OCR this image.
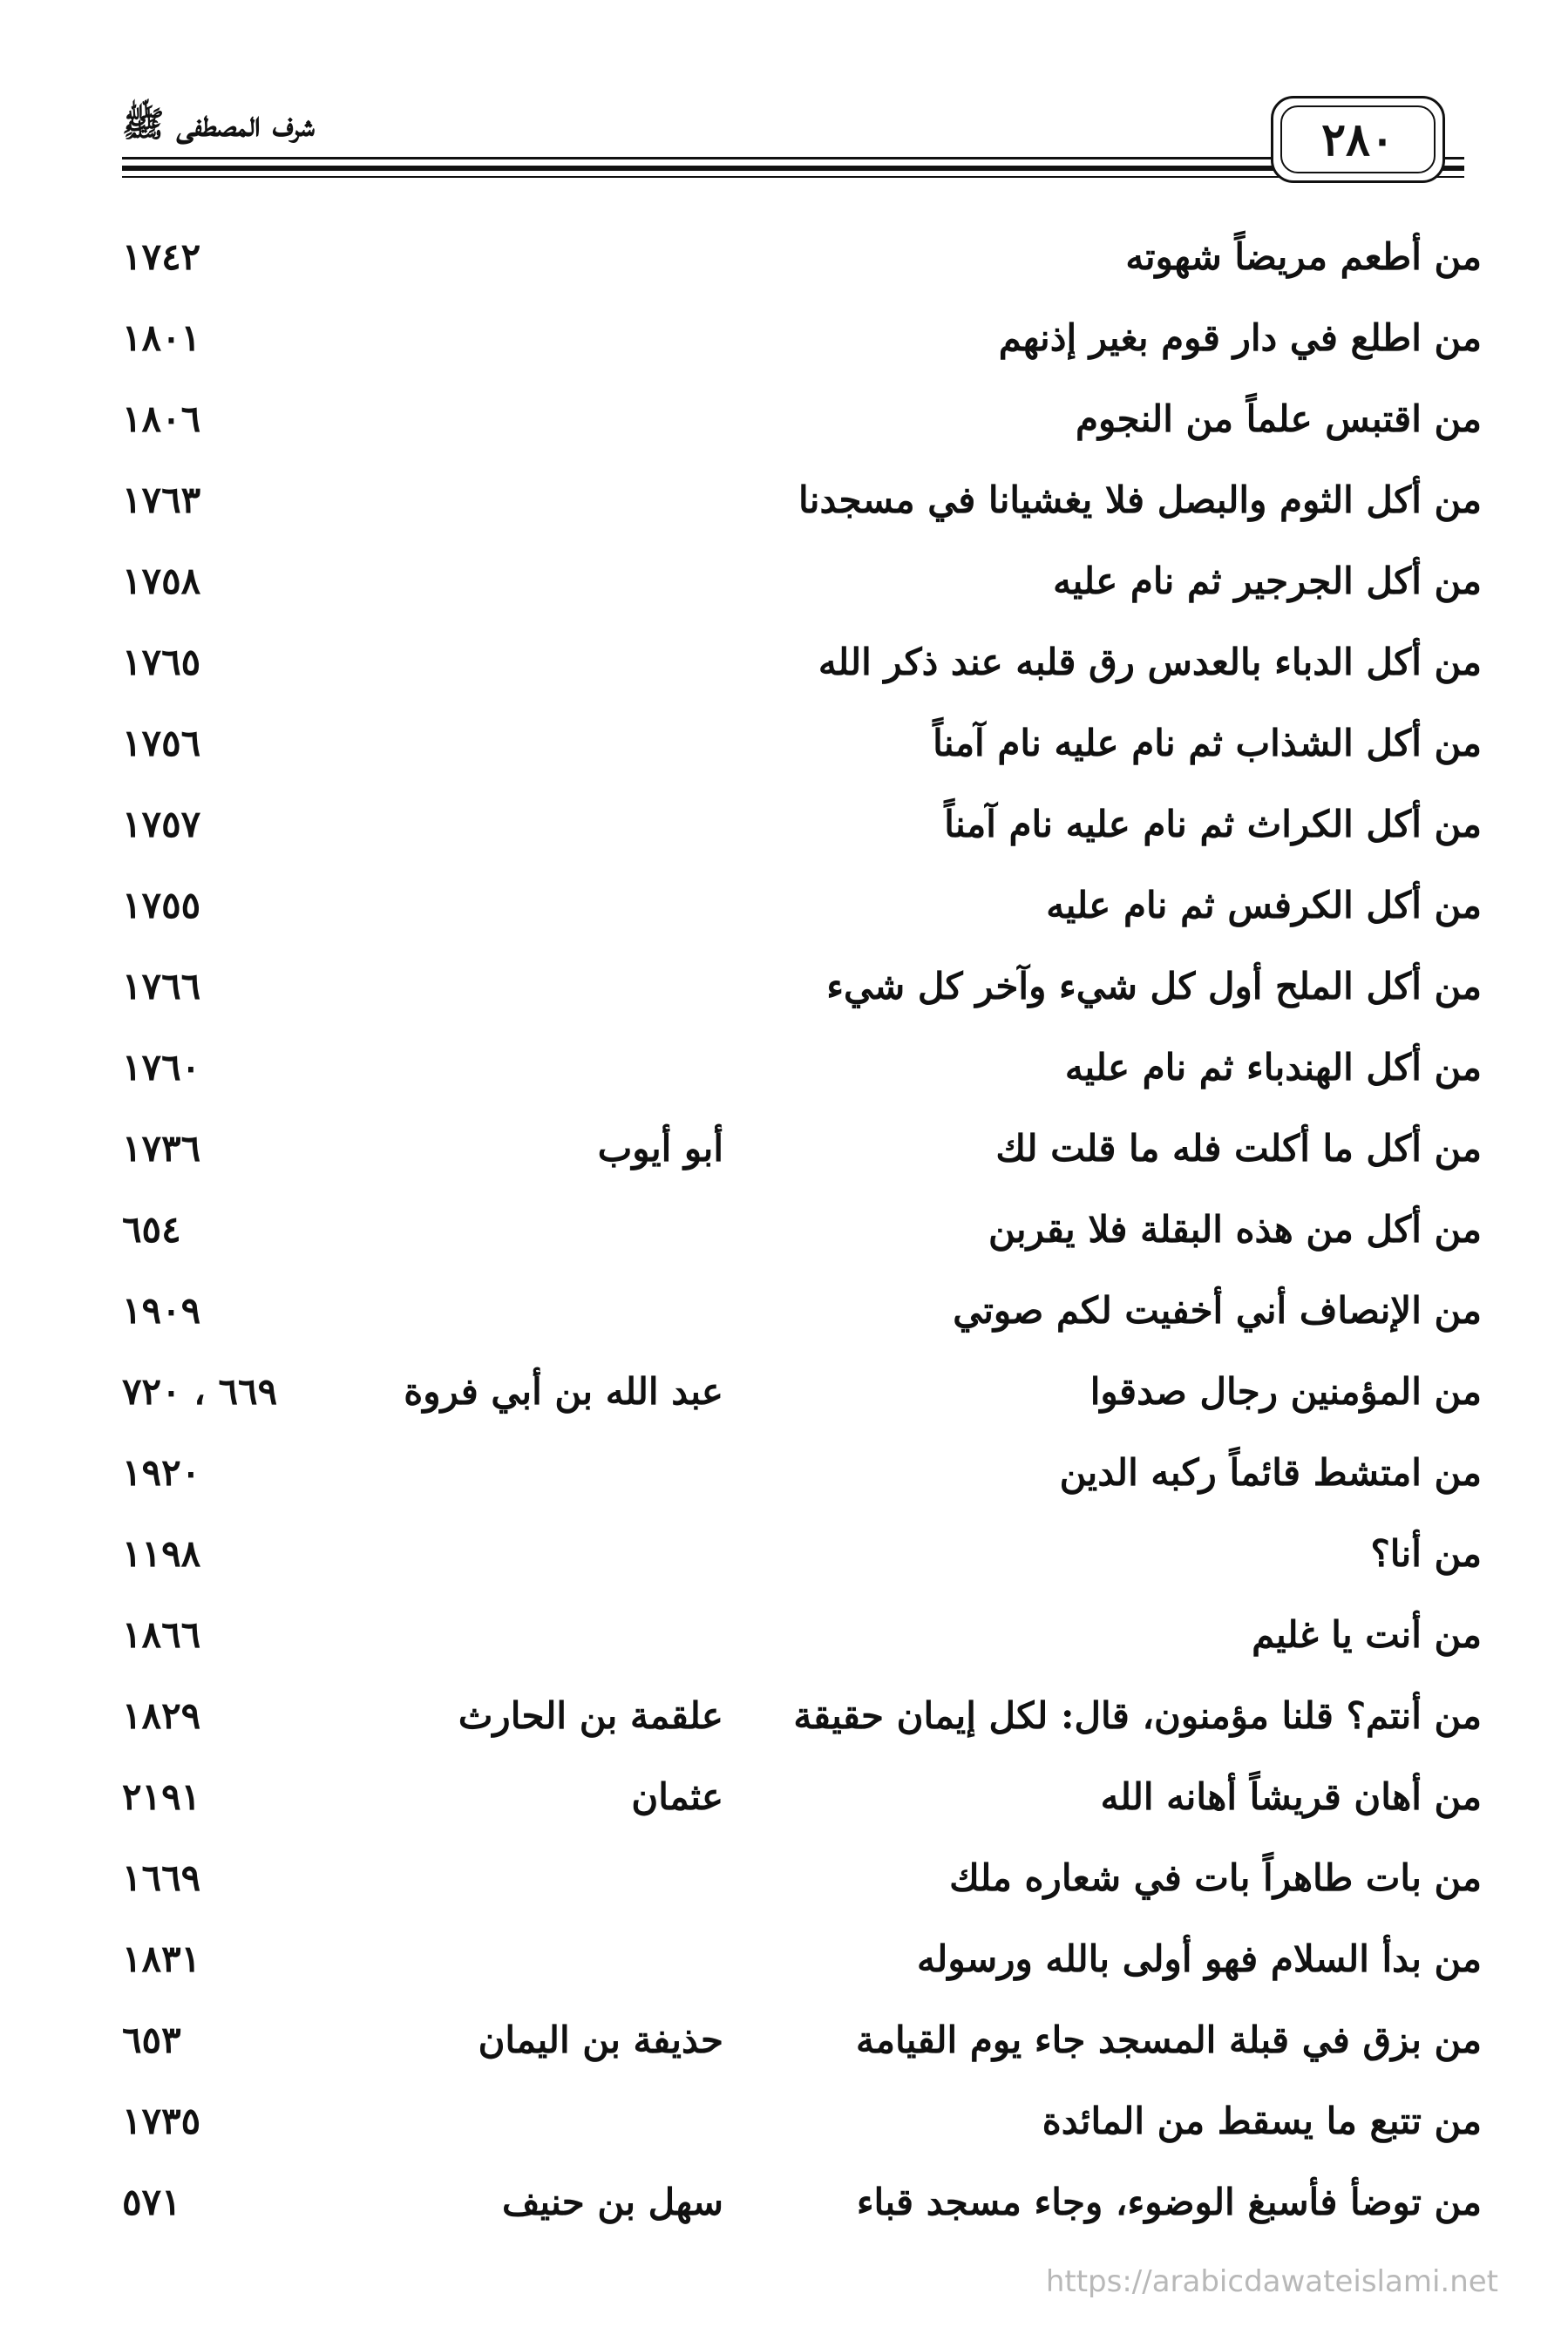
شرف المصطفى ﷺ	٢٨٠
من أطعم مريضاً شهوته
١٧٤٢
من اطلع في دار قوم بغير إذنهم
١٨٠١
من اقتبس علماً من النجوم
١٨٠٦
من أكل الثوم والبصل فلا يغشيانا في مسجدنا
١٧٦٣
من أكل الجرجير ثم نام عليه
١٧٥٨
من أكل الدباء بالعدس رق قلبه عند ذكر الله
١٧٦٥
من أكل الشذاب ثم نام عليه نام آمناً
١٧٥٦
من أكل الكراث ثم نام عليه نام آمناً
١٧٥٧
من أكل الكرفس ثم نام عليه
١٧٥٥
من أكل الملح أول كل شيء وآخر كل شيء
١٧٦٦
من أكل الهندباء ثم نام عليه
١٧٦٠
من أكل ما أكلت فله ما قلت لك
أبو أيوب
١٧٣٦
من أكل من هذه البقلة فلا يقربن
٦٥٤
من الإنصاف أني أخفيت لكم صوتي
١٩٠٩
من المؤمنين رجال صدقوا
عبد الله بن أبي فروة
٦٦٩ ، ٧٢٠
من امتشط قائماً ركبه الدين
١٩٢٠
من أنا؟
١١٩٨
من أنت يا غليم
١٨٦٦
من أنتم؟ قلنا مؤمنون، قال: لكل إيمان حقيقة
علقمة بن الحارث
١٨٢٩
من أهان قريشاً أهانه الله
عثمان
٢١٩١
من بات طاهراً بات في شعاره ملك
١٦٦٩
من بدأ السلام فهو أولى بالله ورسوله
١٨٣١
من بزق في قبلة المسجد جاء يوم القيامة
حذيفة بن اليمان
٦٥٣
من تتبع ما يسقط من المائدة
١٧٣٥
من توضأ فأسبغ الوضوء، وجاء مسجد قباء
سهل بن حنيف
٥٧١
https://arabicdawateislami.net
